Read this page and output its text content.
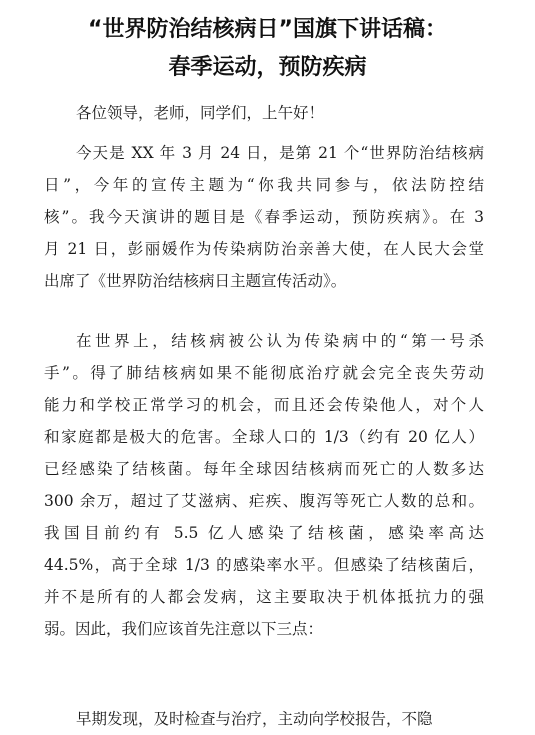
“世界防治结核病日”国旗下讲话稿：
春季运动，预防疾病

各位领导，老师，同学们，上午好！

今天是 XX 年 3 月 24 日，是第 21 个“世界防治结核病
日”，今年的宣传主题为“你我共同参与，依法防控结
核”。我今天演讲的题目是《春季运动，预防疾病》。在 3
月 21 日，彭丽媛作为传染病防治亲善大使，在人民大会堂
出席了《世界防治结核病日主题宣传活动》。

在世界上，结核病被公认为传染病中的“第一号杀
手”。得了肺结核病如果不能彻底治疗就会完全丧失劳动
能力和学校正常学习的机会，而且还会传染他人，对个人
和家庭都是极大的危害。全球人口的 1/3（约有 20 亿人）
已经感染了结核菌。每年全球因结核病而死亡的人数多达
300 余万，超过了艾滋病、疟疾、腹泻等死亡人数的总和。
我国目前约有 5.5 亿人感染了结核菌，感染率高达
44.5%，高于全球 1/3 的感染率水平。但感染了结核菌后，
并不是所有的人都会发病，这主要取决于机体抵抗力的强
弱。因此，我们应该首先注意以下三点：

早期发现，及时检查与治疗，主动向学校报告，不隐
